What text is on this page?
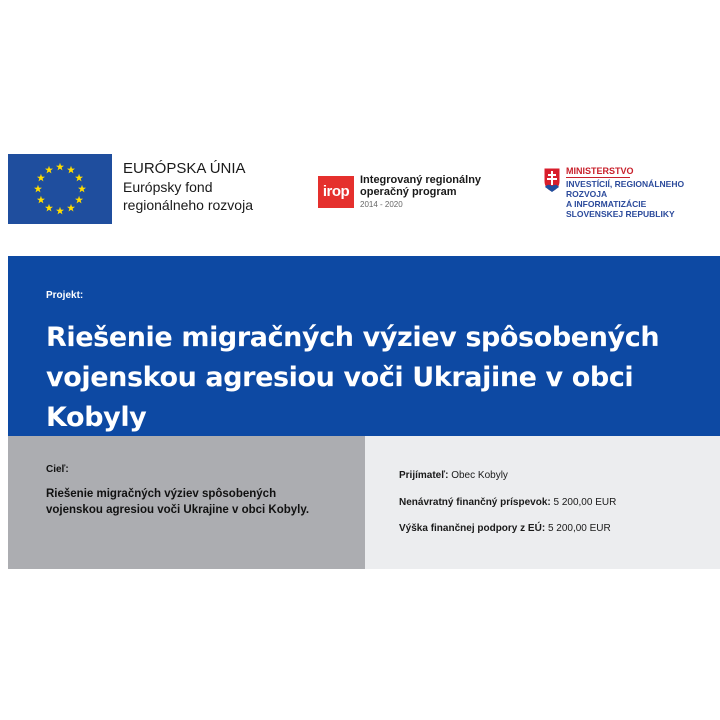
EURÓPSKA ÚNIA
Európsky fond
regionálneho rozvoja
irop
Integrovaný regionálny
operačný program
2014 - 2020
MINISTERSTVO
INVESTÍCIÍ, REGIONÁLNEHO ROZVOJA
A INFORMATIZÁCIE
SLOVENSKEJ REPUBLIKY
Projekt:
Riešenie migračných výziev spôsobených
vojenskou agresiou voči Ukrajine v obci Kobyly
Cieľ:
Riešenie migračných výziev spôsobených
vojenskou agresiou voči Ukrajine v obci Kobyly.
Prijímateľ: Obec Kobyly
Nenávratný finančný príspevok: 5 200,00 EUR
Výška finančnej podpory z EÚ: 5 200,00 EUR
